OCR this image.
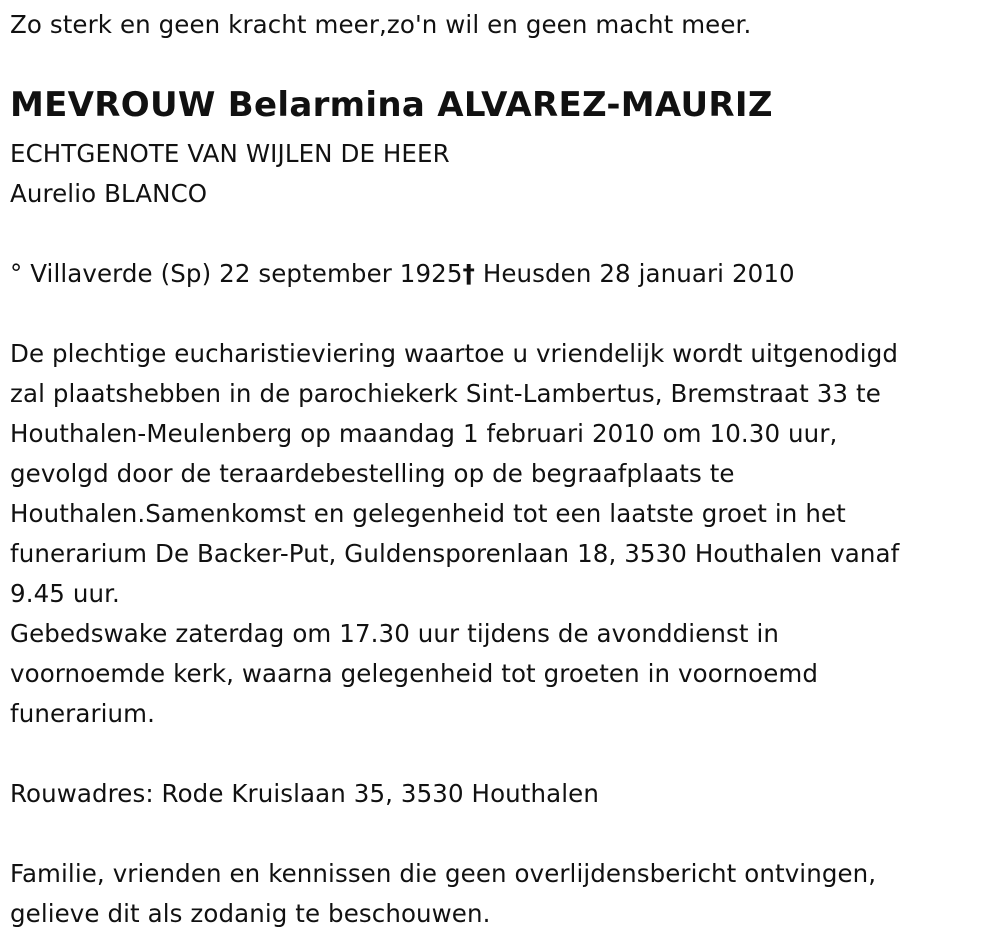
Zo sterk en geen kracht meer,zo'n wil en geen macht meer.
MEVROUW Belarmina ALVAREZ-MAURIZ
ECHTGENOTE VAN WIJLEN DE HEER
Aurelio BLANCO
° Villaverde (Sp) 22 september 1925† Heusden 28 januari 2010
De plechtige eucharistieviering waartoe u vriendelijk wordt uitgenodigd
zal plaatshebben in de parochiekerk Sint-Lambertus, Bremstraat 33 te
Houthalen-Meulenberg op maandag 1 februari 2010 om 10.30 uur,
gevolgd door de teraardebestelling op de begraafplaats te
Houthalen.Samenkomst en gelegenheid tot een laatste groet in het
funerarium De Backer-Put, Guldensporenlaan 18, 3530 Houthalen vanaf
9.45 uur.
Gebedswake zaterdag om 17.30 uur tijdens de avonddienst in
voornoemde kerk, waarna gelegenheid tot groeten in voornoemd
funerarium.
Rouwadres: Rode Kruislaan 35, 3530 Houthalen
Familie, vrienden en kennissen die geen overlijdensbericht ontvingen,
gelieve dit als zodanig te beschouwen.
